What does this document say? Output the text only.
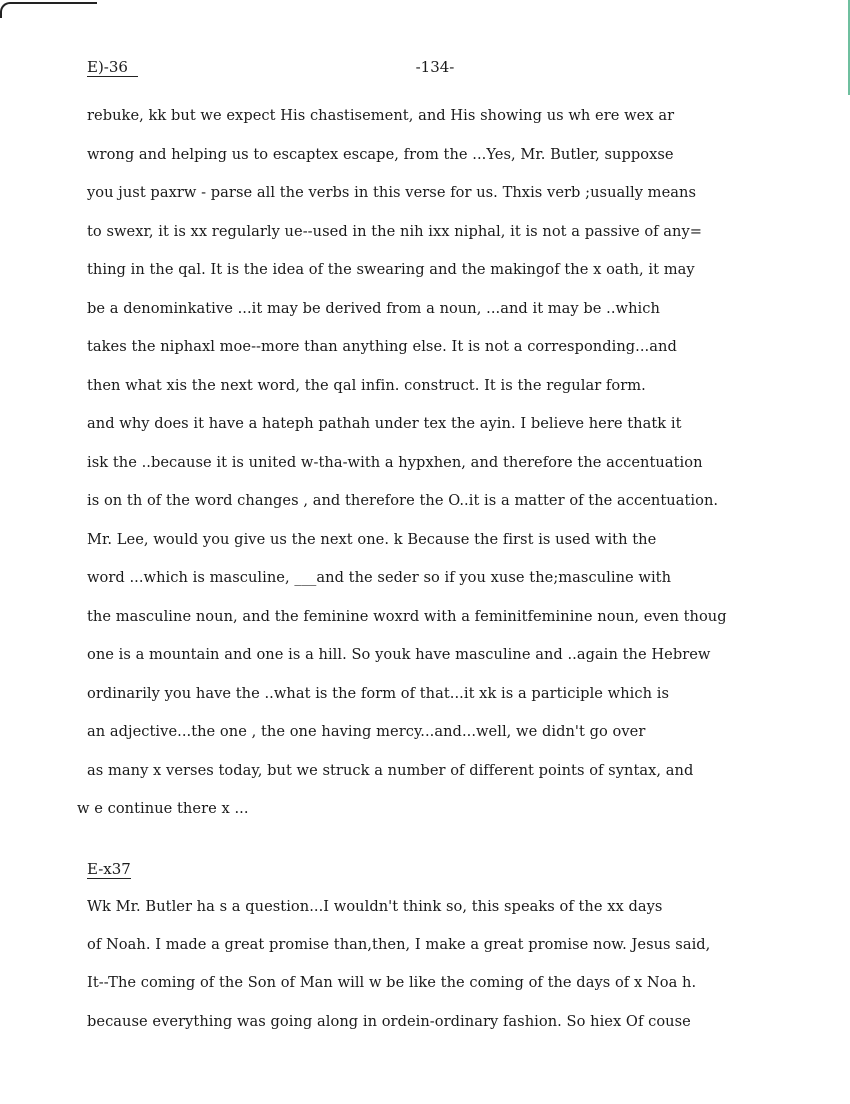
E)-36	-134-
rebuke, kk but we expect His chastisement, and His showing us wh ere wex ar
wrong and helping us to escaptex escape, from the ...Yes, Mr. Butler, suppoxse
you just paxrw - parse all the verbs in this verse for us. Thxis verb ;usually means
to swexr, it is xx regularly ue--used in the nih ixx niphal, it is not a passive of any=
thing in the qal. It is the idea of the swearing and the makingof the x oath, it may
be a denominkative ...it may be derived from a noun, ...and it may be ..which
takes the niphaxl moe--more than anything else. It is not a corresponding...and
then what xis the next word, the qal infin. construct. It is the regular form.
and why does it have a hateph pathah under tex the ayin. I believe here thatk it
isk the ..because it is united w-tha-with a hypxhen, and therefore the accentuation
is on th of the word changes , and therefore the O..it is a matter of the accentuation.
Mr. Lee, would you give us the next one. k Because the first is used with the
word ...which is masculine, ___and the seder so if you xuse the;masculine with
the masculine noun, and the feminine woxrd with a feminitfeminine noun, even thoug
one is a mountain and one is a hill. So youk have masculine and ..again the Hebrew
ordinarily you have the ..what is the form of that...it xk is a participle which is
an adjective...the one , the one having mercy...and...well, we didn't go over
as many x verses today, but we struck a number of different points of syntax, and
w e continue there x ...
E-x37
Wk Mr. Butler ha s a question...I wouldn't think so, this speaks of the xx days
of Noah. I made a great promise than,then, I make a great promise now. Jesus said,
It--The coming of the Son of Man will w be like the coming of the days of x Noa h.
because everything was going along in ordein-ordinary fashion. So hiex Of couse
